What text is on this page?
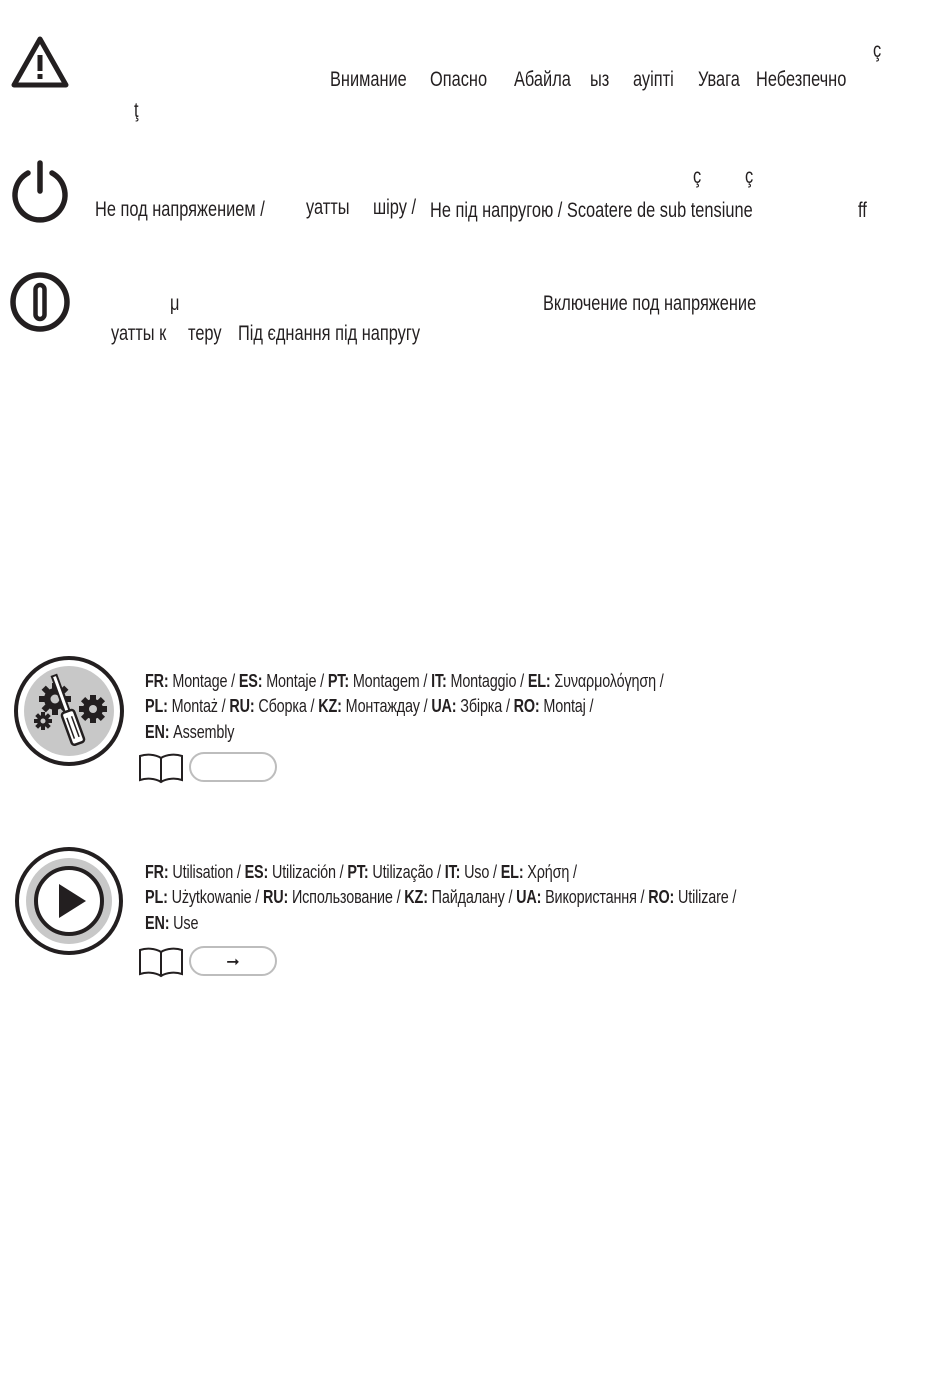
ç
Внимание Опасно Абайла ыз ауіпті Увага Небезпечно
ţ
ç ç
Не под напряжением / уатты шіру / Не під напругою / Scoatere de sub tensiune	ff
μ	Включение под напряжение
уатты к теру Під єднання під напругу
FR: Montage / ES: Montaje / PT: Montagem / IT: Montaggio / EL: Συναρμολόγηση /
PL: Montaż / RU: Сборка / KZ: Монтаждау / UA: Збірка / RO: Montaj /
EN: Assembly
FR: Utilisation / ES: Utilización / PT: Utilização / IT: Uso / EL: Χρήση /
PL: Użytkowanie / RU: Использование / KZ: Пайдалану / UA: Використання / RO: Utilizare /
EN: Use
➞
